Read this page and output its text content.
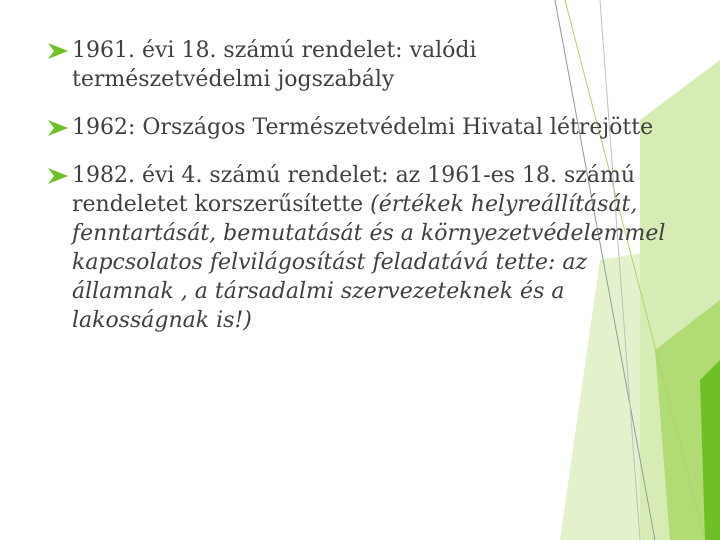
1961. évi 18. számú rendelet: valódi természetvédelmi jogszabály
1962: Országos Természetvédelmi Hivatal létrejötte
1982. évi 4. számú rendelet: az 1961-es 18. számú rendeletet korszerűsítette (értékek helyreállítását, fenntartását, bemutatását és a környezetvédelemmel kapcsolatos felvilágosítást feladatává tette: az államnak , a társadalmi szervezeteknek és a lakosságnak is!)
